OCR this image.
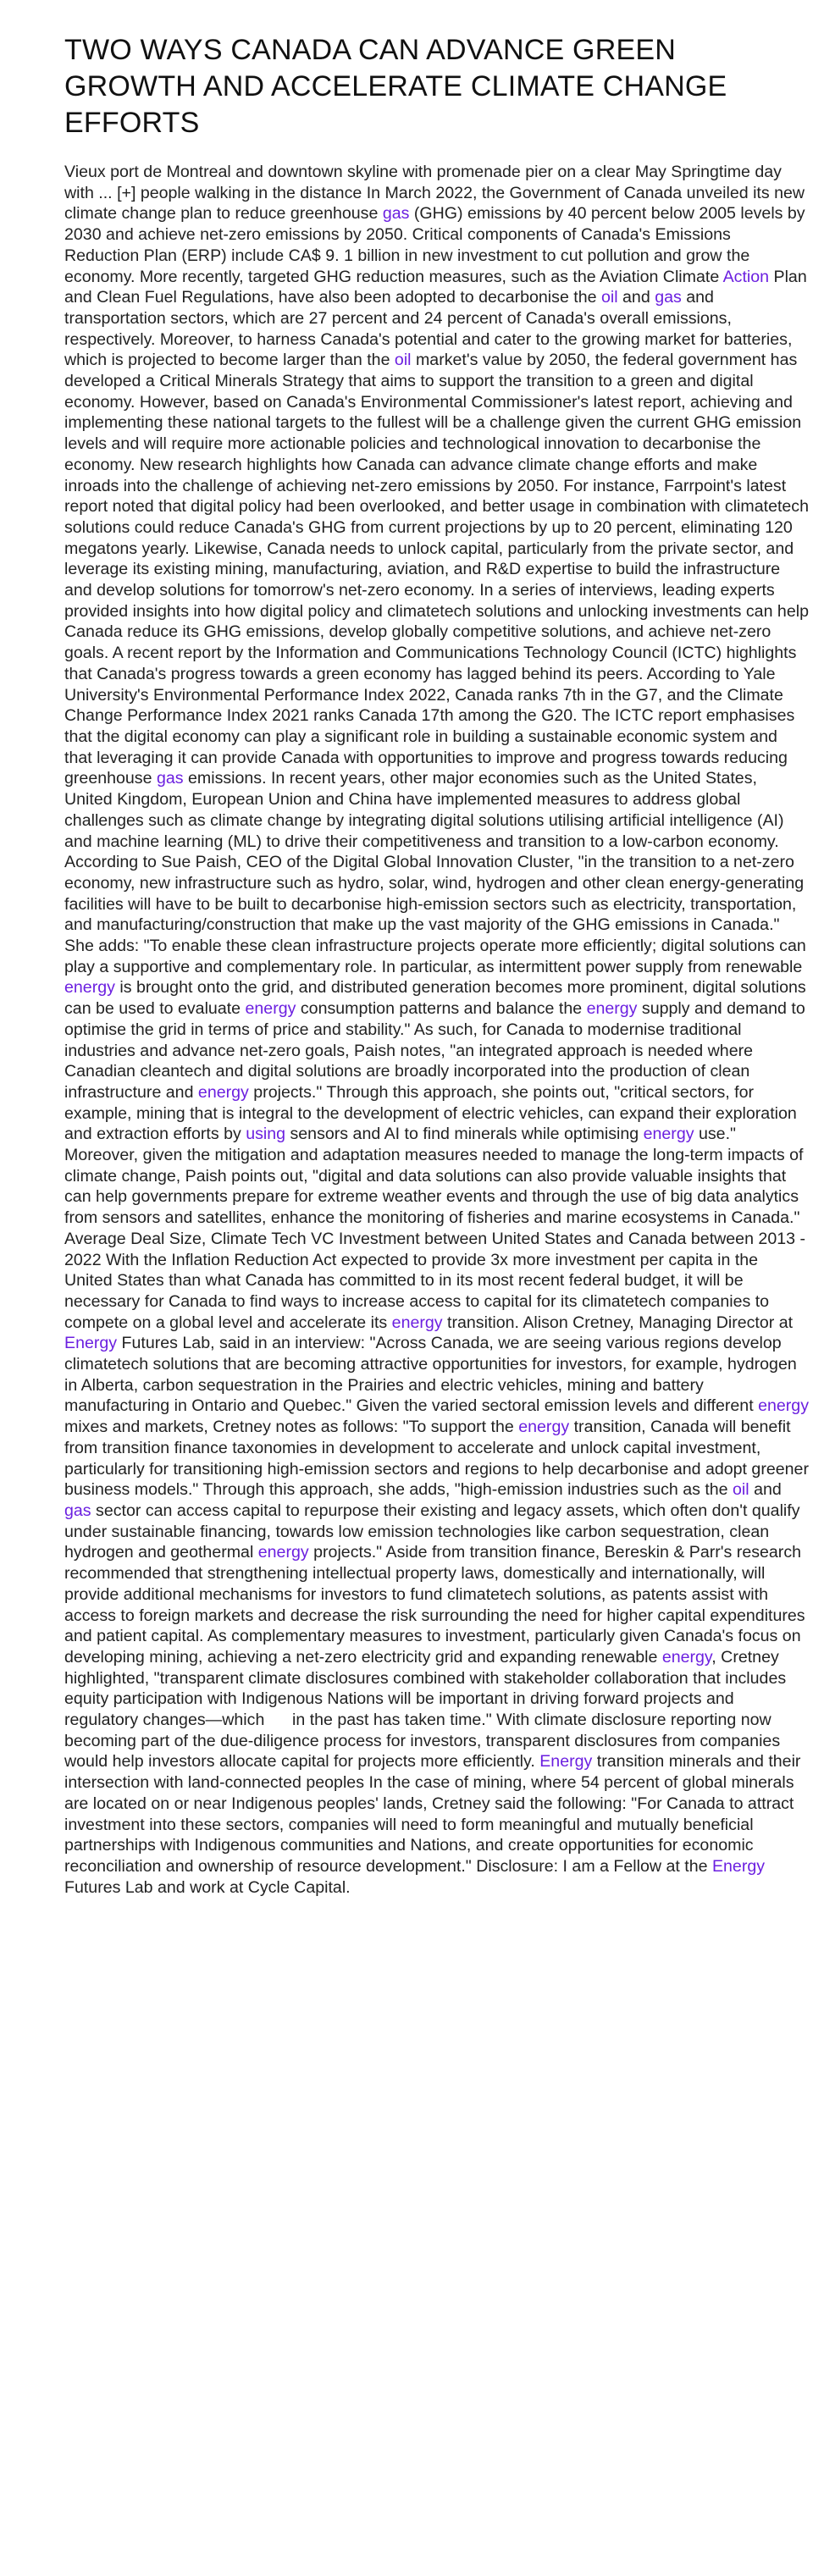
TWO WAYS CANADA CAN ADVANCE GREEN GROWTH AND ACCELERATE CLIMATE CHANGE EFFORTS

Vieux port de Montreal and downtown skyline with promenade pier on a clear May Springtime day with ... [+] people walking in the distance In March 2022, the Government of Canada unveiled its new climate change plan to reduce greenhouse gas (GHG) emissions by 40 percent below 2005 levels by 2030 and achieve net-zero emissions by 2050. Critical components of Canada's Emissions Reduction Plan (ERP) include CA$ 9. 1 billion in new investment to cut pollution and grow the economy. More recently, targeted GHG reduction measures, such as the Aviation Climate Action Plan and Clean Fuel Regulations, have also been adopted to decarbonise the oil and gas and transportation sectors, which are 27 percent and 24 percent of Canada's overall emissions, respectively. Moreover, to harness Canada's potential and cater to the growing market for batteries, which is projected to become larger than the oil market's value by 2050, the federal government has developed a Critical Minerals Strategy that aims to support the transition to a green and digital economy. However, based on Canada's Environmental Commissioner's latest report, achieving and implementing these national targets to the fullest will be a challenge given the current GHG emission levels and will require more actionable policies and technological innovation to decarbonise the economy. New research highlights how Canada can advance climate change efforts and make inroads into the challenge of achieving net-zero emissions by 2050. For instance, Farrpoint's latest report noted that digital policy had been overlooked, and better usage in combination with climatetech solutions could reduce Canada's GHG from current projections by up to 20 percent, eliminating 120 megatons yearly. Likewise, Canada needs to unlock capital, particularly from the private sector, and leverage its existing mining, manufacturing, aviation, and R&D expertise to build the infrastructure and develop solutions for tomorrow's net-zero economy. In a series of interviews, leading experts provided insights into how digital policy and climatetech solutions and unlocking investments can help Canada reduce its GHG emissions, develop globally competitive solutions, and achieve net-zero goals. A recent report by the Information and Communications Technology Council (ICTC) highlights that Canada's progress towards a green economy has lagged behind its peers. According to Yale University's Environmental Performance Index 2022, Canada ranks 7th in the G7, and the Climate Change Performance Index 2021 ranks Canada 17th among the G20. The ICTC report emphasises that the digital economy can play a significant role in building a sustainable economic system and that leveraging it can provide Canada with opportunities to improve and progress towards reducing greenhouse gas emissions. In recent years, other major economies such as the United States, United Kingdom, European Union and China have implemented measures to address global challenges such as climate change by integrating digital solutions utilising artificial intelligence (AI) and machine learning (ML) to drive their competitiveness and transition to a low-carbon economy. According to Sue Paish, CEO of the Digital Global Innovation Cluster, "in the transition to a net-zero economy, new infrastructure such as hydro, solar, wind, hydrogen and other clean energy-generating facilities will have to be built to decarbonise high-emission sectors such as electricity, transportation, and manufacturing/construction that make up the vast majority of the GHG emissions in Canada." She adds: "To enable these clean infrastructure projects operate more efficiently; digital solutions can play a supportive and complementary role. In particular, as intermittent power supply from renewable energy is brought onto the grid, and distributed generation becomes more prominent, digital solutions can be used to evaluate energy consumption patterns and balance the energy supply and demand to optimise the grid in terms of price and stability." As such, for Canada to modernise traditional industries and advance net-zero goals, Paish notes, "an integrated approach is needed where Canadian cleantech and digital solutions are broadly incorporated into the production of clean infrastructure and energy projects." Through this approach, she points out, "critical sectors, for example, mining that is integral to the development of electric vehicles, can expand their exploration and extraction efforts by using sensors and AI to find minerals while optimising energy use." Moreover, given the mitigation and adaptation measures needed to manage the long-term impacts of climate change, Paish points out, "digital and data solutions can also provide valuable insights that can help governments prepare for extreme weather events and through the use of big data analytics from sensors and satellites, enhance the monitoring of fisheries and marine ecosystems in Canada." Average Deal Size, Climate Tech VC Investment between United States and Canada between 2013 - 2022 With the Inflation Reduction Act expected to provide 3x more investment per capita in the United States than what Canada has committed to in its most recent federal budget, it will be necessary for Canada to find ways to increase access to capital for its climatetech companies to compete on a global level and accelerate its energy transition. Alison Cretney, Managing Director at Energy Futures Lab, said in an interview: "Across Canada, we are seeing various regions develop climatetech solutions that are becoming attractive opportunities for investors, for example, hydrogen in Alberta, carbon sequestration in the Prairies and electric vehicles, mining and battery manufacturing in Ontario and Quebec." Given the varied sectoral emission levels and different energy mixes and markets, Cretney notes as follows: "To support the energy transition, Canada will benefit from transition finance taxonomies in development to accelerate and unlock capital investment, particularly for transitioning high-emission sectors and regions to help decarbonise and adopt greener business models." Through this approach, she adds, "high-emission industries such as the oil and gas sector can access capital to repurpose their existing and legacy assets, which often don't qualify under sustainable financing, towards low emission technologies like carbon sequestration, clean hydrogen and geothermal energy projects." Aside from transition finance, Bereskin & Parr's research recommended that strengthening intellectual property laws, domestically and internationally, will provide additional mechanisms for investors to fund climatetech solutions, as patents assist with access to foreign markets and decrease the risk surrounding the need for higher capital expenditures and patient capital. As complementary measures to investment, particularly given Canada's focus on developing mining, achieving a net-zero electricity grid and expanding renewable energy, Cretney highlighted, "transparent climate disclosures combined with stakeholder collaboration that includes equity participation with Indigenous Nations will be important in driving forward projects and regulatory changes—which      in the past has taken time." With climate disclosure reporting now becoming part of the due-diligence process for investors, transparent disclosures from companies would help investors allocate capital for projects more efficiently. Energy transition minerals and their intersection with land-connected peoples In the case of mining, where 54 percent of global minerals are located on or near Indigenous peoples' lands, Cretney said the following: "For Canada to attract investment into these sectors, companies will need to form meaningful and mutually beneficial partnerships with Indigenous communities and Nations, and create opportunities for economic reconciliation and ownership of resource development." Disclosure: I am a Fellow at the Energy Futures Lab and work at Cycle Capital.
